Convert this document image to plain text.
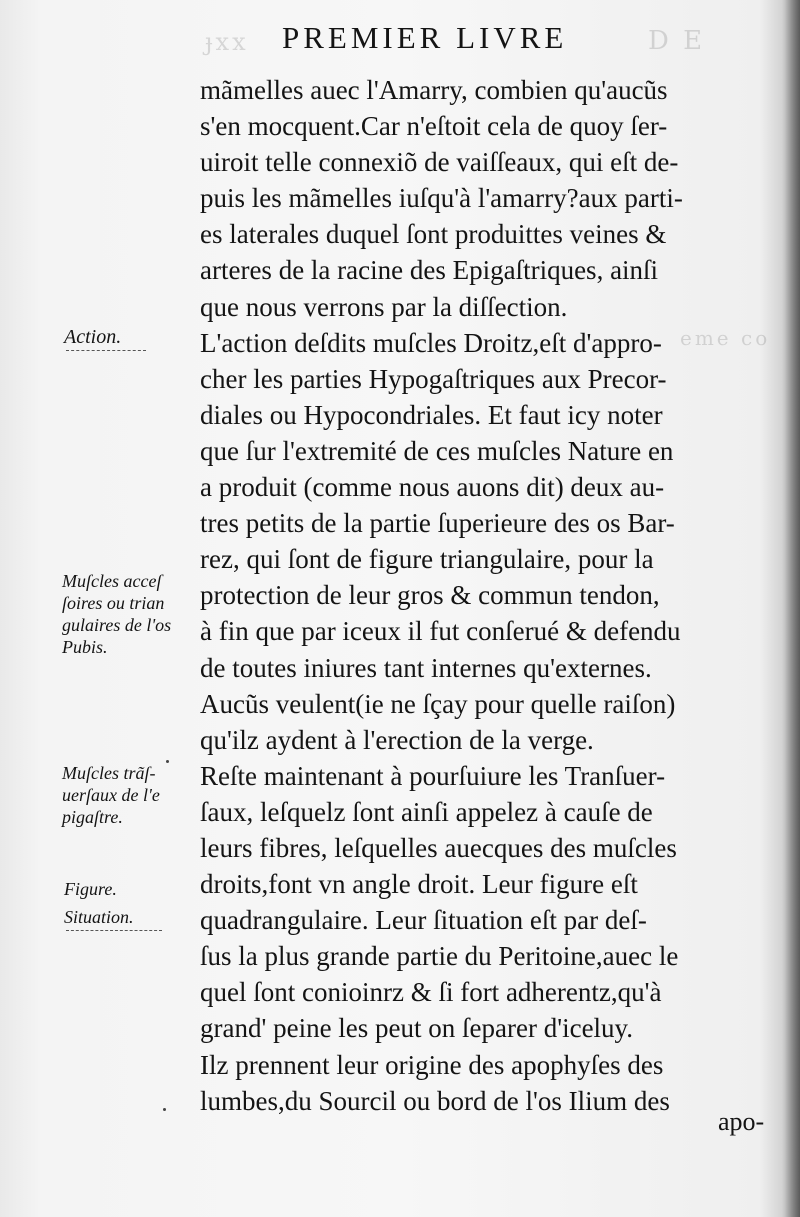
ɟxx	D E
eme co
PREMIER LIVRE
mãmelles auec l'Amarry, combien qu'aucũs
s'en mocquent.Car n'eſtoit cela de quoy ſer-
uiroit telle connexiõ de vaiſſeaux, qui eſt de-
puis les mãmelles iuſqu'à l'amarry?aux parti-
es laterales duquel ſont produittes veines &
arteres de la racine des Epigaſtriques, ainſi
que nous verrons par la diſſection.
L'action deſdits muſcles Droitz,eſt d'appro-
cher les parties Hypogaſtriques aux Precor-
diales ou Hypocondriales. Et faut icy noter
que ſur l'extremité de ces muſcles Nature en
a produit (comme nous auons dit) deux au-
tres petits de la partie ſuperieure des os Bar-
rez, qui ſont de figure triangulaire, pour la
protection de leur gros & commun tendon,
à fin que par iceux il fut conſerué & defendu
de toutes iniures tant internes qu'externes.
Aucũs veulent(ie ne ſçay pour quelle raiſon)
qu'ilz aydent à l'erection de la verge.
Reſte maintenant à pourſuiure les Tranſuer-
ſaux, leſquelz ſont ainſi appelez à cauſe de
leurs fibres, leſquelles auecques des muſcles
droits,font vn angle droit. Leur figure eſt
quadrangulaire. Leur ſituation eſt par deſ-
ſus la plus grande partie du Peritoine,auec le
quel ſont conioinrz & ſi fort adherentz,qu'à
grand' peine les peut on ſeparer d'iceluy.
Ilz prennent leur origine des apophyſes des
lumbes,du Sourcil ou bord de l'os Ilium des
apo-
Action.
Muſcles acceſ
ſoires ou trian
gulaires de l'os
Pubis.
Muſcles trãſ-
uerſaux de l'e
pigaſtre.
Figure.
Situation.
